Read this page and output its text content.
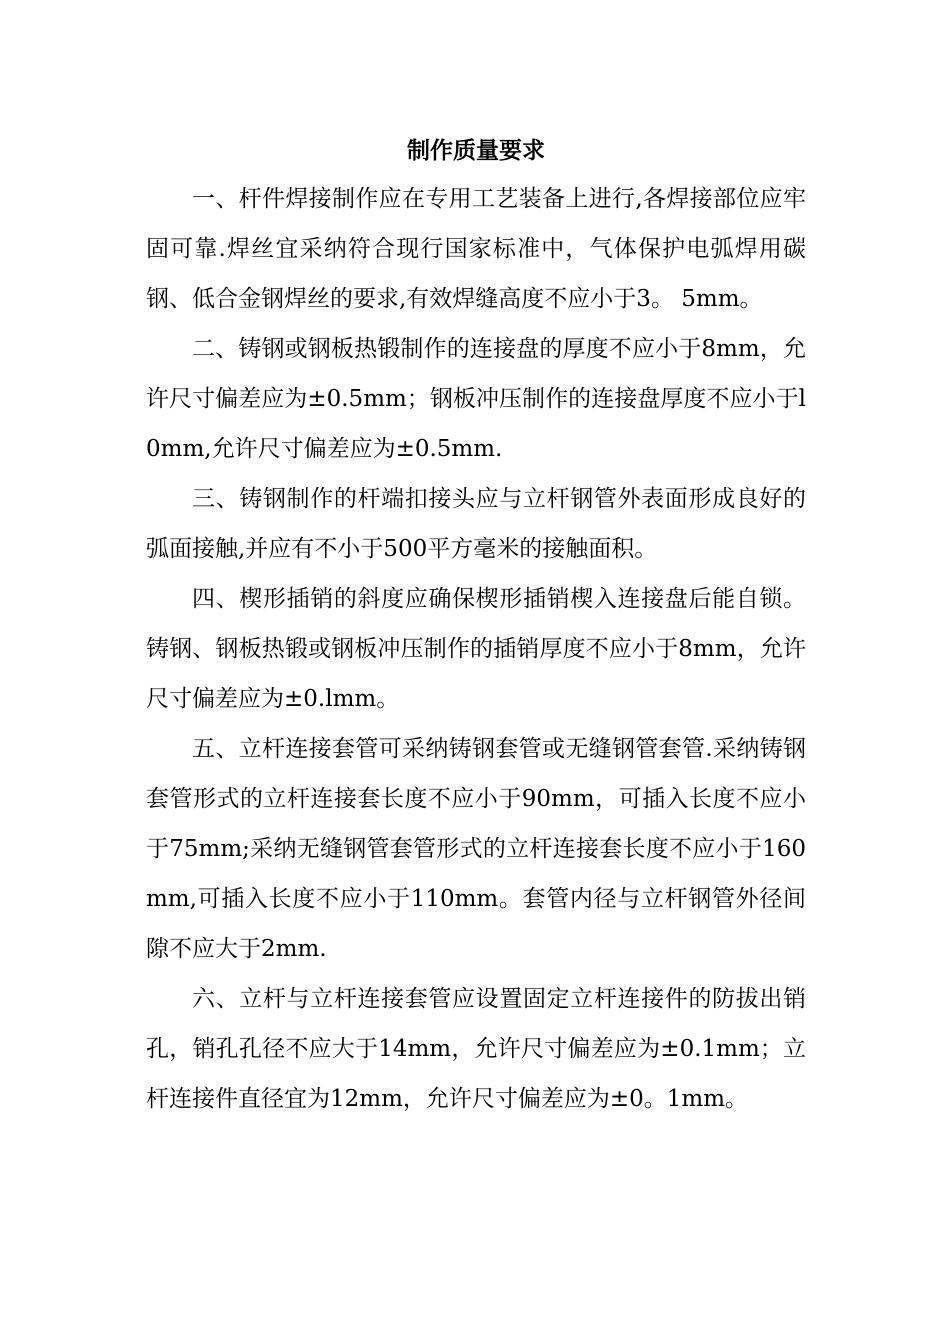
制作质量要求

一、杆件焊接制作应在专用工艺装备上进行,各焊接部位应牢固可靠.焊丝宜采纳符合现行国家标准中，气体保护电弧焊用碳钢、低合金钢焊丝的要求,有效焊缝高度不应小于3。 5mm。

二、铸钢或钢板热锻制作的连接盘的厚度不应小于8mm，允许尺寸偏差应为±0.5mm；钢板冲压制作的连接盘厚度不应小于l0mm,允许尺寸偏差应为±0.5mm.

三、铸钢制作的杆端扣接头应与立杆钢管外表面形成良好的弧面接触,并应有不小于500平方毫米的接触面积。

四、楔形插销的斜度应确保楔形插销楔入连接盘后能自锁。铸钢、钢板热锻或钢板冲压制作的插销厚度不应小于8mm，允许尺寸偏差应为±0.lmm。

五、立杆连接套管可采纳铸钢套管或无缝钢管套管.采纳铸钢套管形式的立杆连接套长度不应小于90mm，可插入长度不应小于75mm;采纳无缝钢管套管形式的立杆连接套长度不应小于160mm,可插入长度不应小于110mm。套管内径与立杆钢管外径间隙不应大于2mm.

六、立杆与立杆连接套管应设置固定立杆连接件的防拔出销孔，销孔孔径不应大于14mm，允许尺寸偏差应为±0.1mm；立杆连接件直径宜为12mm，允许尺寸偏差应为±0。1mm。
